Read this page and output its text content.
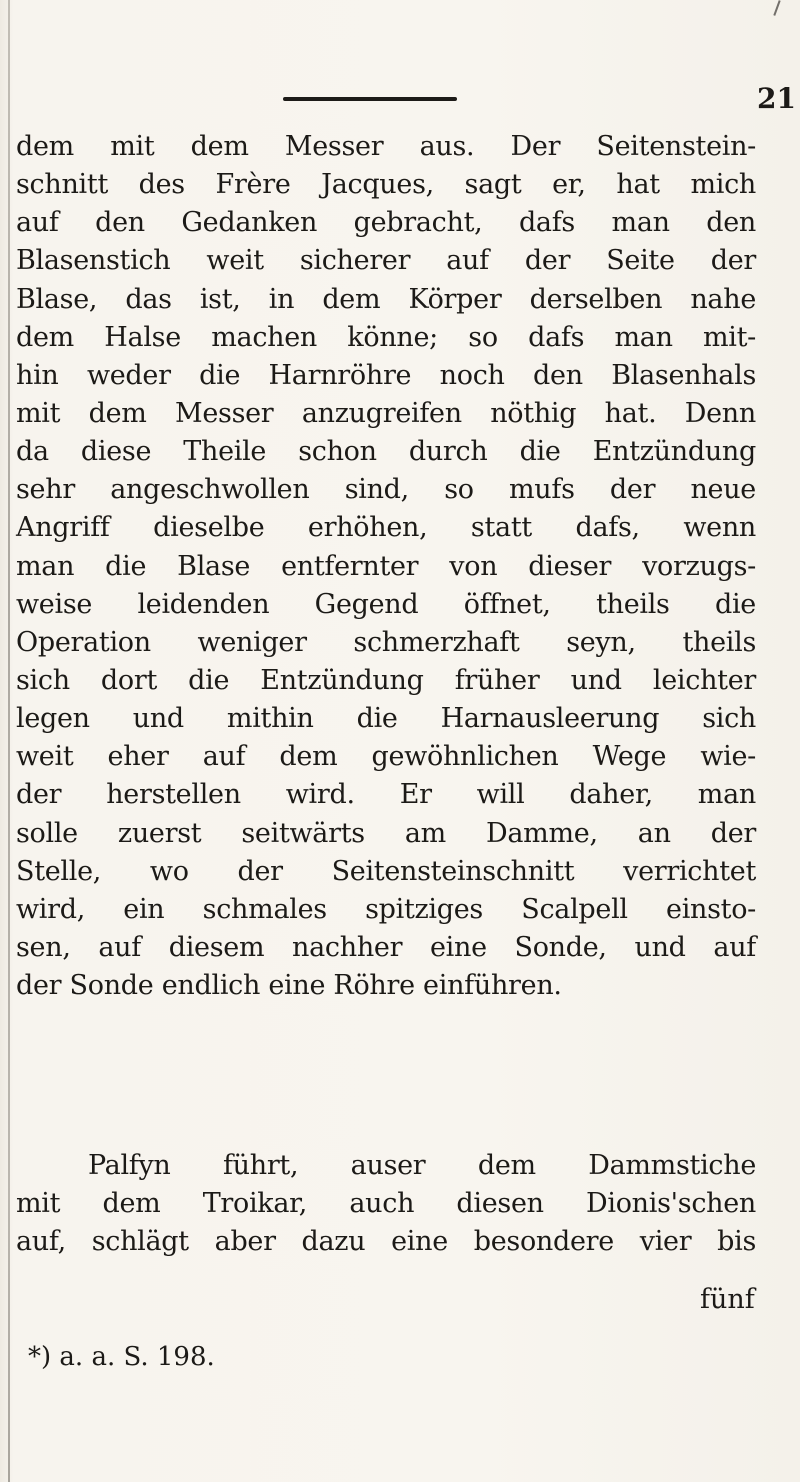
21
dem mit dem Messer aus. Der Seitenstein-
schnitt des Frère Jacques, sagt er, hat mich
auf den Gedanken gebracht, dafs man den
Blasenstich weit sicherer auf der Seite der
Blase, das ist, in dem Körper derselben nahe
dem Halse machen könne; so dafs man mit-
hin weder die Harnröhre noch den Blasenhals
mit dem Messer anzugreifen nöthig hat. Denn
da diese Theile schon durch die Entzündung
sehr angeschwollen sind, so mufs der neue
Angriff dieselbe erhöhen, statt dafs, wenn
man die Blase entfernter von dieser vorzugs-
weise leidenden Gegend öffnet, theils die
Operation weniger schmerzhaft seyn, theils
sich dort die Entzündung früher und leichter
legen und mithin die Harnausleerung sich
weit eher auf dem gewöhnlichen Wege wie-
der herstellen wird. Er will daher, man
solle zuerst seitwärts am Damme, an der
Stelle, wo der Seitensteinschnitt verrichtet
wird, ein schmales spitziges Scalpell einsto-
sen, auf diesem nachher eine Sonde, und auf
der Sonde endlich eine Röhre einführen.
Palfyn führt, auser dem Dammstiche
mit dem Troikar, auch diesen Dionis'schen
auf, schlägt aber dazu eine besondere vier bis
fünf
*) a. a. S. 198.
